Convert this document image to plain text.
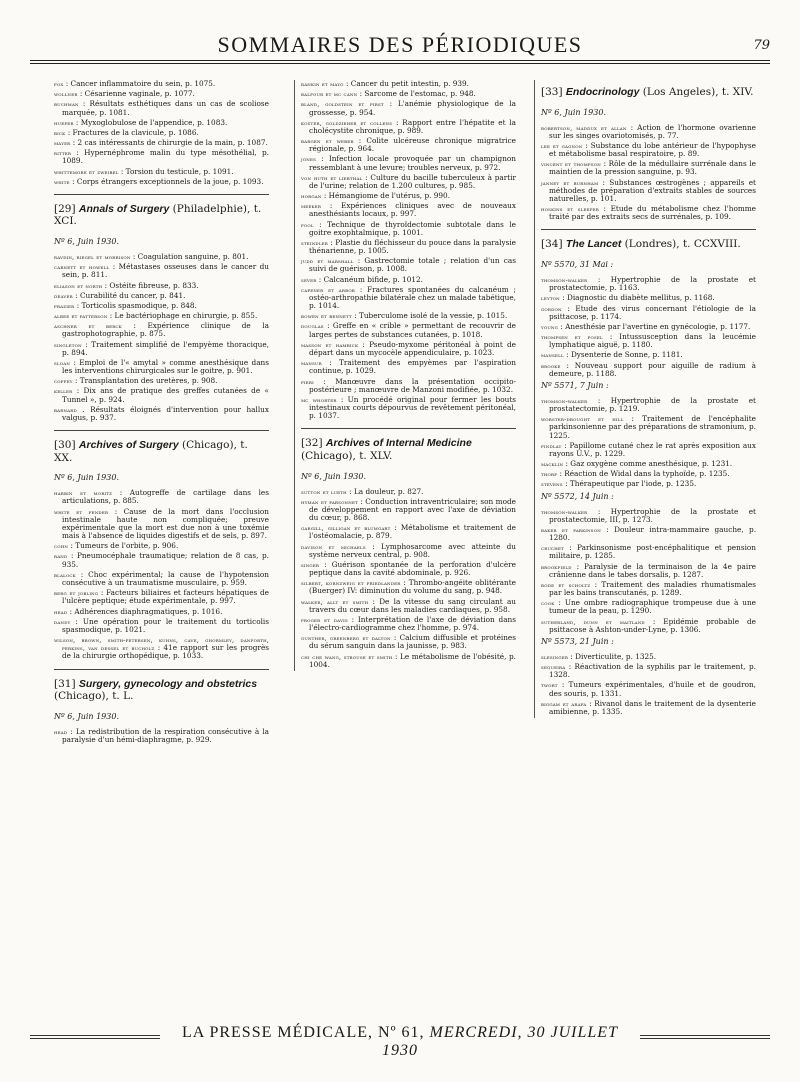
SOMMAIRES DES PÉRIODIQUES	79
fox : Cancer inflammatoire du sein, p. 1075.
wollner : Césarienne vaginale, p. 1077.
buchman : Résultats esthétiques dans un cas de scoliose marquée, p. 1081.
hueper : Myxoglobulose de l'appendice, p. 1083.
bick : Fractures de la clavicule, p. 1086.
mayer : 2 cas intéressants de chirurgie de la main, p. 1087.
ritter : Hypernéphrome malin du type mésothélial, p. 1089.
whittemore et zweibel : Torsion du testicule, p. 1091.
white : Corps étrangers exceptionnels de la joue, p. 1093.
[29] Annals of Surgery (Philadelphie), t. XCI.
Nº 6, Juin 1930.
ravdin, riegel et morrison : Coagulation sanguine, p. 801.
carnett et howell : Métastases osseuses dans le cancer du sein, p. 811.
eliason et north : Ostéite fibreuse, p. 833.
deaver : Curabilité du cancer, p. 841.
frazier : Torticolis spasmodique, p. 848.
albee et patterson : Le bactériophage en chirurgie, p. 855.
aschner et berck : Expérience clinique de la gastrophotographie, p. 875.
singleton : Traitement simplifié de l'empyème thoracique, p. 894.
sloan : Emploi de l'« amytal » comme anesthésique dans les interventions chirurgicales sur le goitre, p. 901.
coffey : Transplantation des uretères, p. 908.
keller : Dix ans de pratique des greffes cutanées de « Tunnel », p. 924.
barnard . Résultats éloignés d'intervention pour hallux valgus, p. 937.
[30] Archives of Surgery (Chicago), t. XX.
Nº 6, Juin 1930.
harbin et moritz : Autogreffe de cartilage dans les articulations, p. 885.
white et fender : Cause de la mort dans l'occlusion intestinale haute non compliquée; preuve expérimentale que la mort est due non à une toxémie mais à l'absence de liquides digestifs et de sels, p. 897.
cohn : Tumeurs de l'orbite, p. 906.
rand : Pneumocéphale traumatique; relation de 8 cas, p. 935.
blalock : Choc expérimental; la cause de l'hypotension consécutive à un traumatisme musculaire, p. 959.
berg et jobling : Facteurs biliaires et facteurs hépatiques de l'ulcère peptique; étude expérimentale, p. 997.
head : Adhérences diaphragmatiques, p. 1016.
dandy : Une opération pour le traitement du torticolis spasmodique, p. 1021.
wilson, brown, smith-petersen, kuhns, cave, ghormley, danforth, perkins, van dessel et bucholz : 41e rapport sur les progrès de la chirurgie orthopédique, p. 1033.
[31] Surgery, gynecology and obstetrics (Chicago), t. L.
Nº 6, Juin 1930.
head : La redistribution de la respiration consécutive à la paralysie d'un hémi-diaphragme, p. 929.
rankin et mayo : Cancer du petit intestin, p. 939.
balfour et mc cann : Sarcome de l'estomac, p. 948.
bland, goldstein et first : L'anémie physiologique de la grossesse, p. 954.
koster, goldzieher et collens : Rapport entre l'hépatite et la cholécystite chronique, p. 989.
bargen et weber : Colite ulcéreuse chronique migratrice régionale, p. 964.
jones : Infection locale provoquée par un champignon ressemblant à une levure; troubles nerveux, p. 972.
von huth et liebthal : Culture du bacille tuberculeux à partir de l'urine; relation de 1.200 cultures, p. 985.
horgan : Hémangiome de l'utérus, p. 990.
meeker : Expériences cliniques avec de nouveaux anesthésiants locaux, p. 997.
pool : Technique de thyroïdectomie subtotale dans le goitre exophtalmique, p. 1001.
steindler : Plastie du fléchisseur du pouce dans la paralysie thénarienne, p. 1005.
judd et marshall : Gastrectomie totale ; relation d'un cas suivi de guérison, p. 1008.
sever : Calcanéum bifide, p. 1012.
capener et arbor : Fractures spontanées du calcanéum ; ostéo-arthropathie bilatérale chez un malade tabétique, p. 1014.
bowen et bennett : Tuberculome isolé de la vessie, p. 1015.
douglas : Greffe en « crible » permettant de recouvrir de larges pertes de substances cutanées, p. 1018.
masson et hamrick : Pseudo-myxome péritonéal à point de départ dans un mycocèle appendiculaire, p. 1023.
mansur : Traitement des empyèmes par l'aspiration continue, p. 1029.
fieri : Manœuvre dans la présentation occipito-postérieure ; manœuvre de Manzoni modifiée, p. 1032.
mc whorter : Un procédé original pour fermer les bouts intestinaux courts dépourvus de revêtement péritonéal, p. 1037.
[32] Archives of Internal Medicine (Chicago), t. XLV.
Nº 6, Juin 1930.
sutton et lueth : La douleur, p. 827.
hyman et parsonnet : Conduction intraventriculaire; son mode de développement en rapport avec l'axe de déviation du cœur, p. 868.
gargill, gilligan et blumgart : Métabolisme et traitement de l'ostéomalacie, p. 879.
davison et michaels : Lymphosarcome avec atteinte du système nerveux central, p. 908.
singer : Guérison spontanée de la perforation d'ulcère peptique dans la cavité abdominale, p. 926.
silbert, kornzweig et friedlander : Thrombo-angéite oblitérante (Buerger) IV: diminution du volume du sang, p. 948.
walker, allt et smith : De la vitesse du sang circulant au travers du cœur dans les maladies cardiaques, p. 958.
froger et davis : Interprétation de l'axe de déviation dans l'électro-cardiogramme chez l'homme, p. 974.
gunther, greenberg et dalton : Calcium diffusible et protéines du sérum sanguin dans la jaunisse, p. 983.
chi che wang, strouse et smith : Le métabolisme de l'obésité, p. 1004.
[33] Endocrinology (Los Angeles), t. XIV.
Nº 6, Juin 1930.
robertson, maddux et allan : Action de l'hormone ovarienne sur les singes ovariotomisés, p. 77.
lee et gagnon : Substance du lobe antérieur de l'hypophyse et métabolisme basal respiratoire, p. 89.
vincent et thompson : Rôle de la médullaire surrénale dans le maintien de la pression sanguine, p. 93.
janney et burnham : Substances œstrogènes ; appareils et méthodes de préparation d'extraits stables de sources naturelles, p. 101.
hoskins et sleeper : Etude du métabolisme chez l'homme traité par des extraits secs de surrénales, p. 109.
[34] The Lancet (Londres), t. CCXVIII.
Nº 5570, 31 Mai :
thomson-walker : Hypertrophie de la prostate et prostatectomie, p. 1163.
leyton : Diagnostic du diabète mellitus, p. 1168.
gordon : Etude des virus concernant l'étiologie de la psittacose, p. 1174.
young : Anesthésie par l'avertine en gynécologie, p. 1177.
thompsen et posel : Intussusception dans la leucémie lymphatique aiguë, p. 1180.
mansell : Dysenterie de Sonne, p. 1181.
brooke : Nouveau support pour aiguille de radium à demeure, p. 1188.
Nº 5571, 7 Juin :
thomson-walker : Hypertrophie de la prostate et prostatectomie, p. 1219.
worster-drought et hill : Traitement de l'encéphalite parkinsonienne par des préparations de stramonium, p. 1225.
findlay : Papillome cutané chez le rat après exposition aux rayons U.V., p. 1229.
macklin : Gaz oxygène comme anesthésique, p. 1231.
thorp : Réaction de Widal dans la typhoïde, p. 1235.
stevens : Thérapeutique par l'iode, p. 1235.
Nº 5572, 14 Juin :
thomson-walker : Hypertrophie de la prostate et prostatectomie, III, p. 1273.
baker et parkinson : Douleur intra-mammaire gauche, p. 1280.
cruchet : Parkinsonisme post-encéphalitique et pension militaire, p. 1285.
brookfield : Paralysie de la terminaison de la 4e paire crânienne dans le tabes dorsalis, p. 1287.
bode et scholtz : Traitement des maladies rhumatismales par les bains transcutanés, p. 1289.
cook : Une ombre radiographique trompeuse due à une tumeur de la peau, p. 1290.
sutherland, dunn et maitland : Epidémie probable de psittacose à Ashton-under-Lyne, p. 1306.
Nº 5573, 21 Juin :
slesinger : Diverticulite, p. 1325.
sequeira : Réactivation de la syphilis par le traitement, p. 1328.
twort : Tumeurs expérimentales, d'huile et de goudron, des souris, p. 1331.
biggam et arafa : Rivanol dans le traitement de la dysenterie amibienne, p. 1335.
LA PRESSE MÉDICALE, Nº 61, MERCREDI, 30 JUILLET 1930
